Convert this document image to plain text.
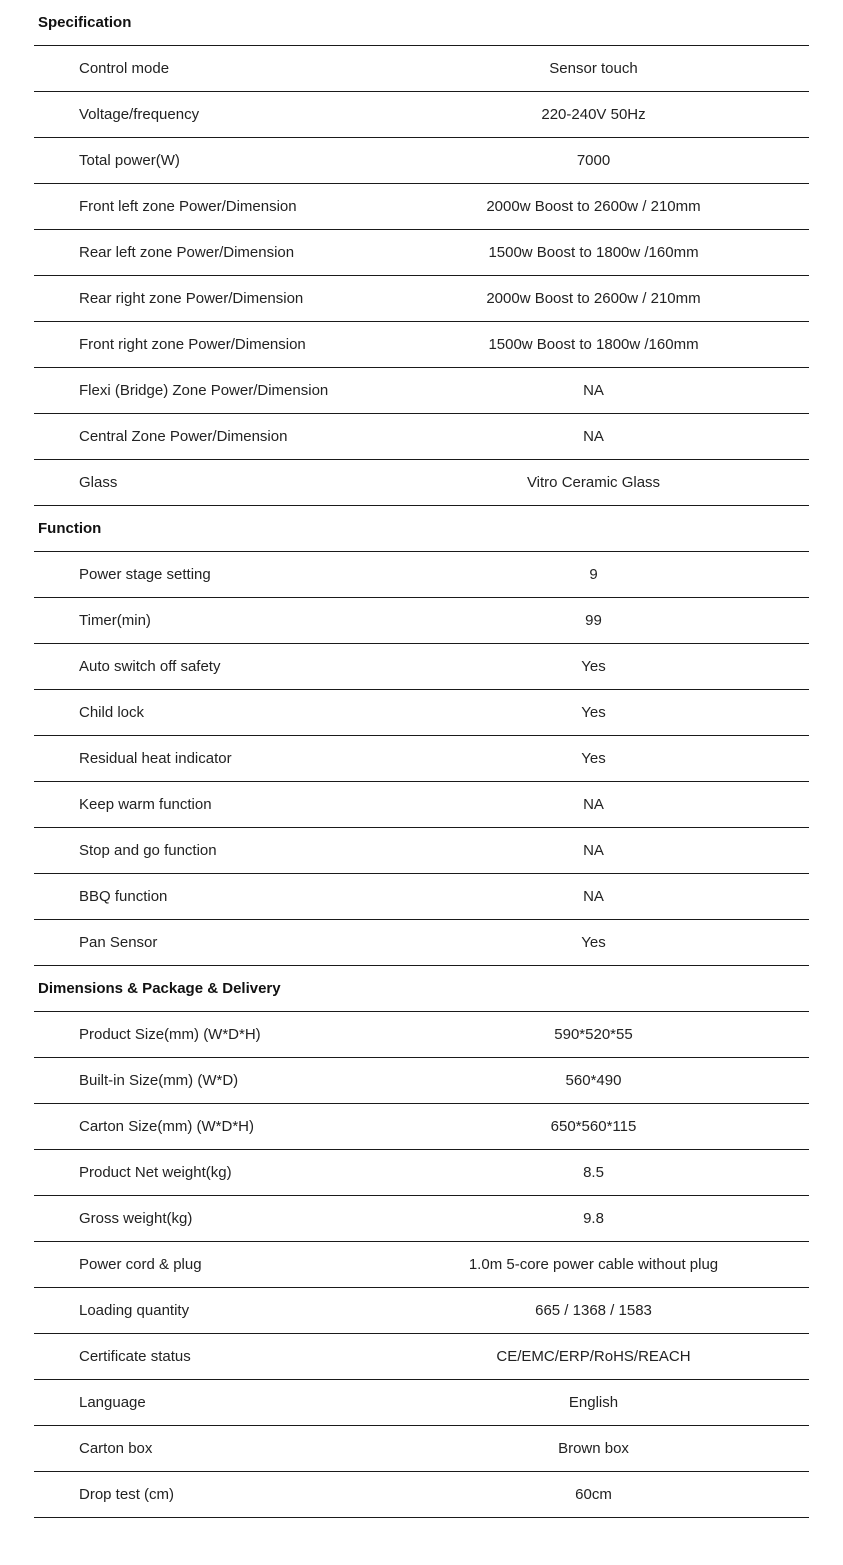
Specification
Control mode	Sensor touch
Voltage/frequency	220-240V 50Hz
Total power(W)	7000
Front left zone Power/Dimension	2000w Boost to 2600w / 210mm
Rear left zone Power/Dimension	1500w Boost to 1800w /160mm
Rear right zone Power/Dimension	2000w Boost to 2600w / 210mm
Front right zone Power/Dimension	1500w Boost to 1800w /160mm
Flexi (Bridge) Zone Power/Dimension	NA
Central Zone Power/Dimension	NA
Glass	Vitro Ceramic Glass
Function
Power stage setting	9
Timer(min)	99
Auto switch off safety	Yes
Child lock	Yes
Residual heat indicator	Yes
Keep warm function	NA
Stop and go function	NA
BBQ function	NA
Pan Sensor	Yes
Dimensions & Package & Delivery
Product Size(mm) (W*D*H)	590*520*55
Built-in Size(mm) (W*D)	560*490
Carton Size(mm) (W*D*H)	650*560*115
Product Net weight(kg)	8.5
Gross weight(kg)	9.8
Power cord & plug	1.0m 5-core power cable without plug
Loading quantity	665 / 1368 / 1583
Certificate status	CE/EMC/ERP/RoHS/REACH
Language	English
Carton box	Brown box
Drop test (cm)	60cm
